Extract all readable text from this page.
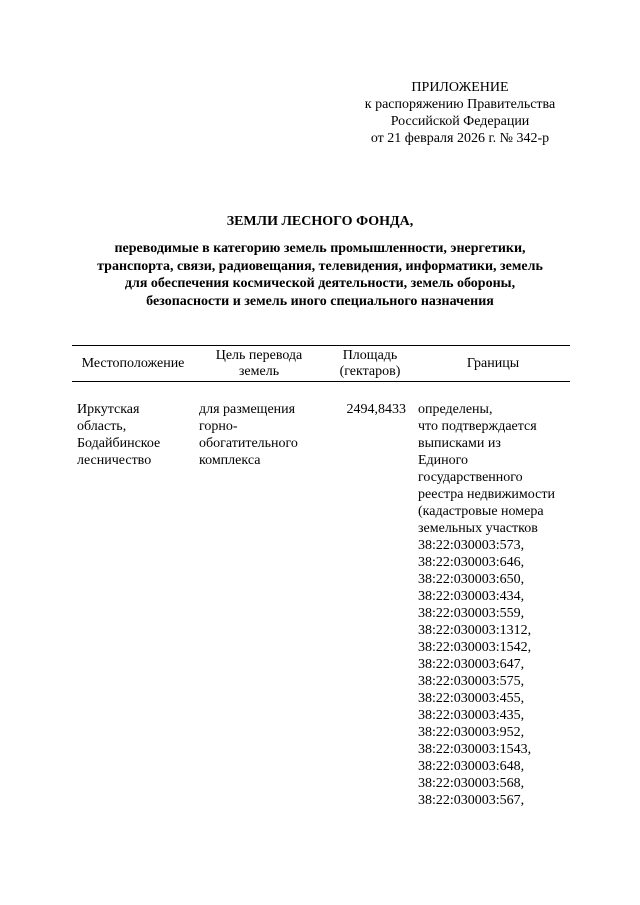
ПРИЛОЖЕНИЕ
к распоряжению Правительства
Российской Федерации
от 21 февраля 2026 г. № 342-р
ЗЕМЛИ ЛЕСНОГО ФОНДА,
переводимые в категорию земель промышленности, энергетики,
транспорта, связи, радиовещания, телевидения, информатики, земель
для обеспечения космической деятельности, земель обороны,
безопасности и земель иного специального назначения
Местоположение
Цель перевода
земель
Площадь
(гектаров)
Границы
Иркутская
область,
Бодайбинское
лесничество
для размещения
горно-
обогатительного
комплекса
2494,8433 определены,
что подтверждается
выписками из
Единого
государственного
реестра недвижимости
(кадастровые номера
земельных участков
38:22:030003:573,
38:22:030003:646,
38:22:030003:650,
38:22:030003:434,
38:22:030003:559,
38:22:030003:1312,
38:22:030003:1542,
38:22:030003:647,
38:22:030003:575,
38:22:030003:455,
38:22:030003:435,
38:22:030003:952,
38:22:030003:1543,
38:22:030003:648,
38:22:030003:568,
38:22:030003:567,
